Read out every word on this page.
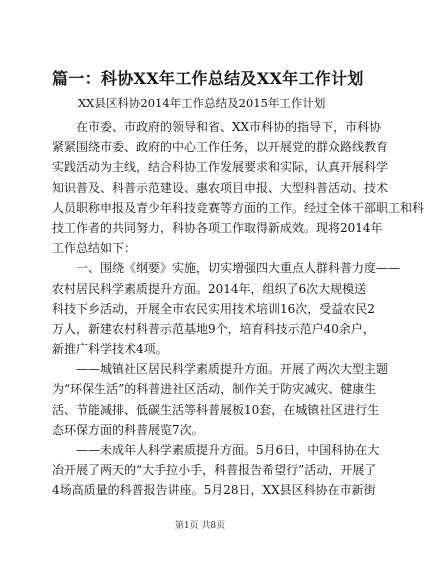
篇一：科协XX年工作总结及XX年工作计划
XX县区科协2014年工作总结及2015年工作计划
在市委、市政府的领导和省、XX市科协的指导下，市科协
紧紧围绕市委、政府的中心工作任务，以开展党的群众路线教育
实践活动为主线，结合科协工作发展要求和实际，认真开展科学
知识普及、科普示范建设、惠农项目申报、大型科普活动、技术
人员职称申报及青少年科技竞赛等方面的工作。经过全体干部职工和科
技工作者的共同努力，科协各项工作取得新成效。现将2014年
工作总结如下：
一、围绕《纲要》实施，切实增强四大重点人群科普力度——
农村居民科学素质提升方面。2014年，组织了6次大规模送
科技下乡活动，开展全市农民实用技术培训16次，受益农民2
万人，新建农村科普示范基地9个，培育科技示范户40余户，
新推广科学技术4项。
——城镇社区居民科学素质提升方面。开展了两次大型主题
为“环保生活”的科普进社区活动，制作关于防灾减灾、健康生
活、节能减排、低碳生活等科普展板10套，在城镇社区进行生
态环保方面的科普展览7次。
——未成年人科学素质提升方面。5月6日，中国科协在大
冶开展了两天的“大手拉小手，科普报告希望行”活动，开展了
4场高质量的科普报告讲座。5月28日，XX县区科协在市新街
第1页 共8页
